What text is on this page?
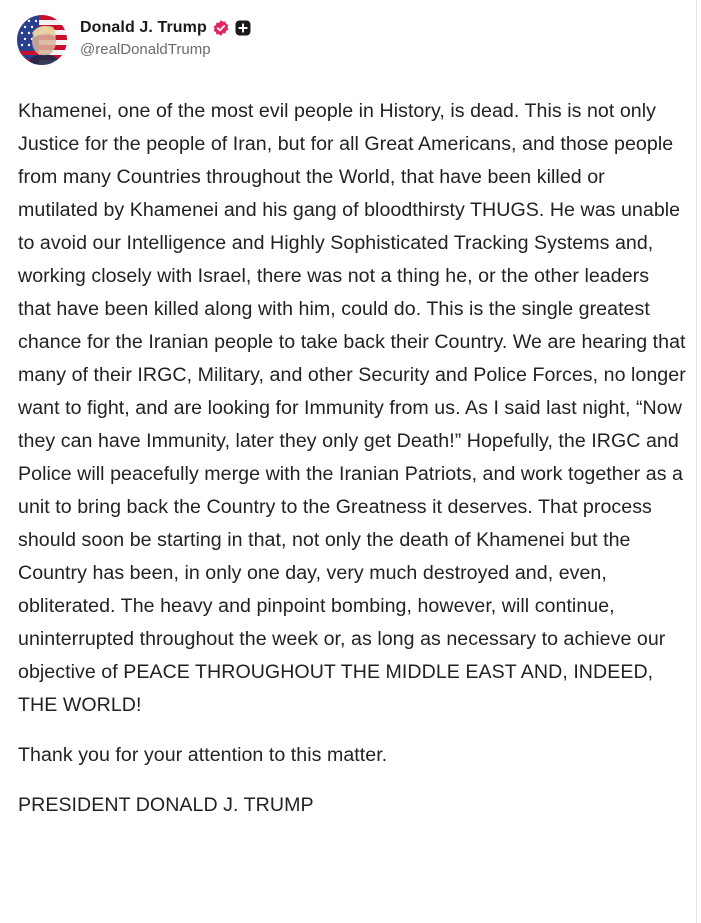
Donald J. Trump
@realDonaldTrump

Khamenei, one of the most evil people in History, is dead. This is not only Justice for the people of Iran, but for all Great Americans, and those people from many Countries throughout the World, that have been killed or mutilated by Khamenei and his gang of bloodthirsty THUGS. He was unable to avoid our Intelligence and Highly Sophisticated Tracking Systems and, working closely with Israel, there was not a thing he, or the other leaders that have been killed along with him, could do. This is the single greatest chance for the Iranian people to take back their Country. We are hearing that many of their IRGC, Military, and other Security and Police Forces, no longer want to fight, and are looking for Immunity from us. As I said last night, “Now they can have Immunity, later they only get Death!” Hopefully, the IRGC and Police will peacefully merge with the Iranian Patriots, and work together as a unit to bring back the Country to the Greatness it deserves. That process should soon be starting in that, not only the death of Khamenei but the Country has been, in only one day, very much destroyed and, even, obliterated. The heavy and pinpoint bombing, however, will continue, uninterrupted throughout the week or, as long as necessary to achieve our objective of PEACE THROUGHOUT THE MIDDLE EAST AND, INDEED, THE WORLD!

Thank you for your attention to this matter.

PRESIDENT DONALD J. TRUMP
